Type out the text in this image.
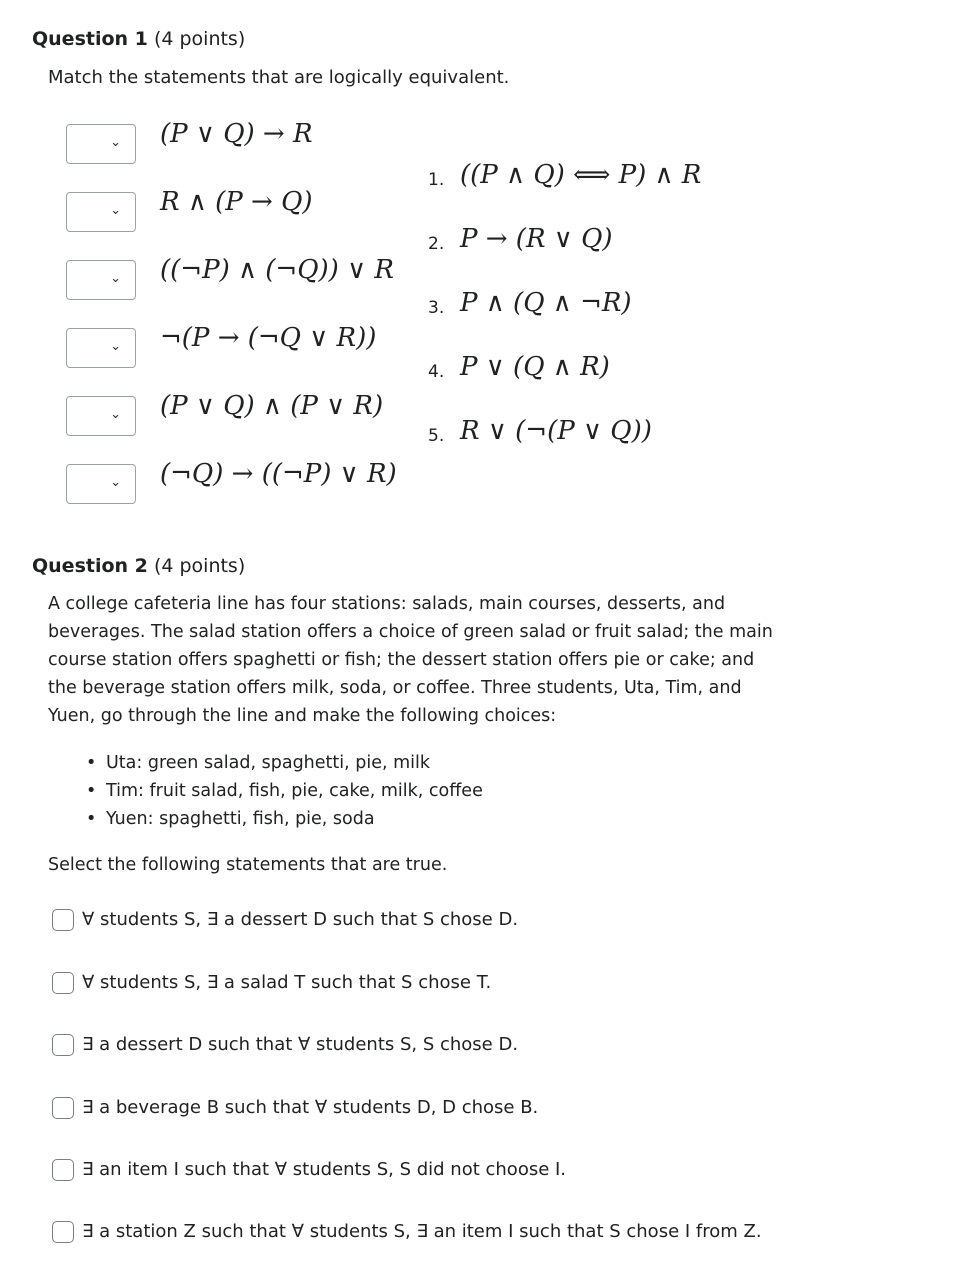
Question 1 (4 points)
Match the statements that are logically equivalent.
⌄ (P ∨ Q) → R
⌄ R ∧ (P → Q)
⌄ ((¬P) ∧ (¬Q)) ∨ R
⌄ ¬(P → (¬Q ∨ R))
⌄ (P ∨ Q) ∧ (P ∨ R)
⌄ (¬Q) → ((¬P) ∨ R)
1. ((P ∧ Q) ⟺ P) ∧ R
2. P → (R ∨ Q)
3. P ∧ (Q ∧ ¬R)
4. P ∨ (Q ∧ R)
5. R ∨ (¬(P ∨ Q))
Question 2 (4 points)
A college cafeteria line has four stations: salads, main courses, desserts, and beverages. The salad station offers a choice of green salad or fruit salad; the main course station offers spaghetti or fish; the dessert station offers pie or cake; and the beverage station offers milk, soda, or coffee. Three students, Uta, Tim, and Yuen, go through the line and make the following choices:
• Uta: green salad, spaghetti, pie, milk
• Tim: fruit salad, fish, pie, cake, milk, coffee
• Yuen: spaghetti, fish, pie, soda
Select the following statements that are true.
∀ students S, ∃ a dessert D such that S chose D.
∀ students S, ∃ a salad T such that S chose T.
∃ a dessert D such that ∀ students S, S chose D.
∃ a beverage B such that ∀ students D, D chose B.
∃ an item I such that ∀ students S, S did not choose I.
∃ a station Z such that ∀ students S, ∃ an item I such that S chose I from Z.
